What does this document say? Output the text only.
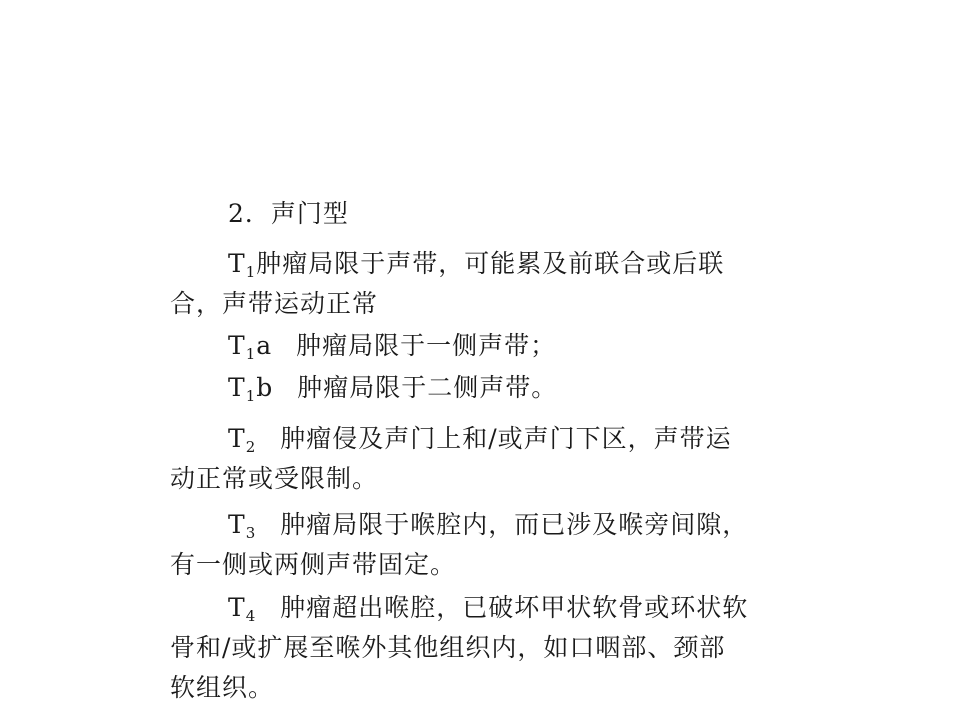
2．声门型
$T_1$肿瘤局限于声带，可能累及前联合或后联
合，声带运动正常
$T_1a$ 肿瘤局限于一侧声带；
$T_1b$ 肿瘤局限于二侧声带。
$T_2$ 肿瘤侵及声门上和/或声门下区，声带运
动正常或受限制。
$T_3$ 肿瘤局限于喉腔内，而已涉及喉旁间隙，
有一侧或两侧声带固定。
$T_4$ 肿瘤超出喉腔，已破坏甲状软骨或环状软
骨和/或扩展至喉外其他组织内，如口咽部、颈部
软组织。
